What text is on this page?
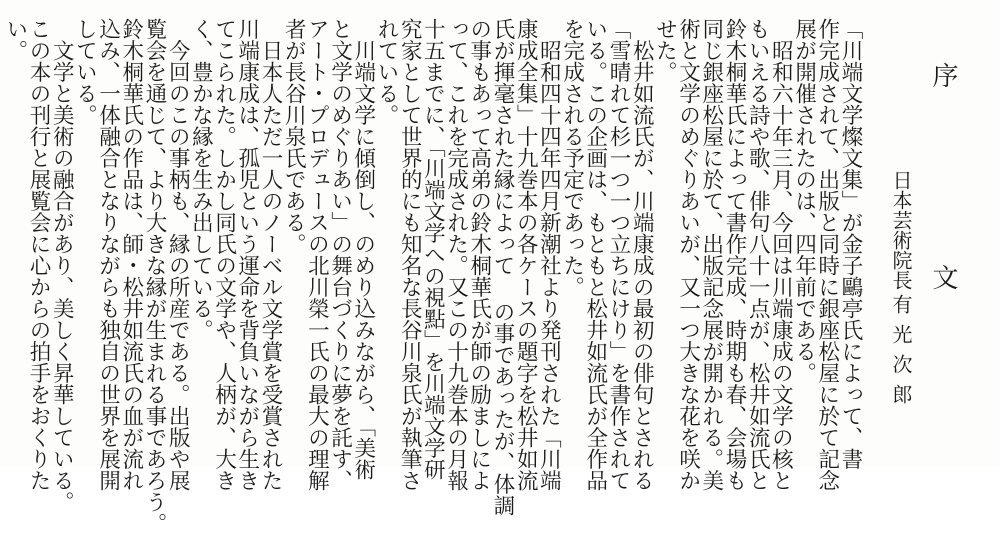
序
文
日本芸術院長
有光次郎
「川端文学燦文集」が金子鷗亭氏によって、書
作完成されて、出版と同時に銀座松屋に於て記念
展が開催されたのは、四年前である。
　昭和六十年三月、今回は川端康成の文学の核と
もいえる詩や歌、俳句八十一点が、松井如流氏と
鈴木桐華氏によって書作完成、時期も春、会場も
同じ銀座松屋に於て、出版記念展が開かれる。美
術と文学のめぐりあいが、又一つ大きな花を咲か
せた。
　松井如流氏が、川端康成の最初の俳句とされる
「雪晴れて杉一つ一つ立ちにけり」を書作されて
いる。この企画は、もともと松井如流氏が全作品
を完成される予定であった。
　昭和四十四年四月新潮社より発刊された「川端
康成全集」十九巻本の各ケースの題字を松井如流
氏が揮毫された縁によって の事であったが、体調
の事もあって高弟の鈴木桐華氏が師の励ましによ
って、これを完成された。又この十九巻本の月報
十五までに、「川端文学への視點」を川端文学研
究家として世界的にも知名な長谷川泉氏が執筆さ
れている。
　川端文学に傾倒し、のめり込みながら、「美術
と文学のめぐりあい」の舞台づくりに夢を託す、
アート・プロデュースの北川榮一氏の最大の理解
者が長谷川泉氏である。
　日本人ただ一人のノーベル文学賞を受賞された
川端康成は、孤児という運命を背負いながら生き
てこられた。しかし同氏の文学や、人柄が、大き
く、豊かな縁を生み出している。
　今回のこの事柄も、縁の所産である。出版や展
覧会を通じて、より大きな縁が生まれる事であろう。
鈴木桐華氏の作品は、師・松井如流氏の血が流れ
込み、一体融合となりながらも独自の世界を展開
している。
　文学と美術の融合があり、美しく昇華している。
この本の刊行と展覧会に心からの拍手をおくりた
い。
